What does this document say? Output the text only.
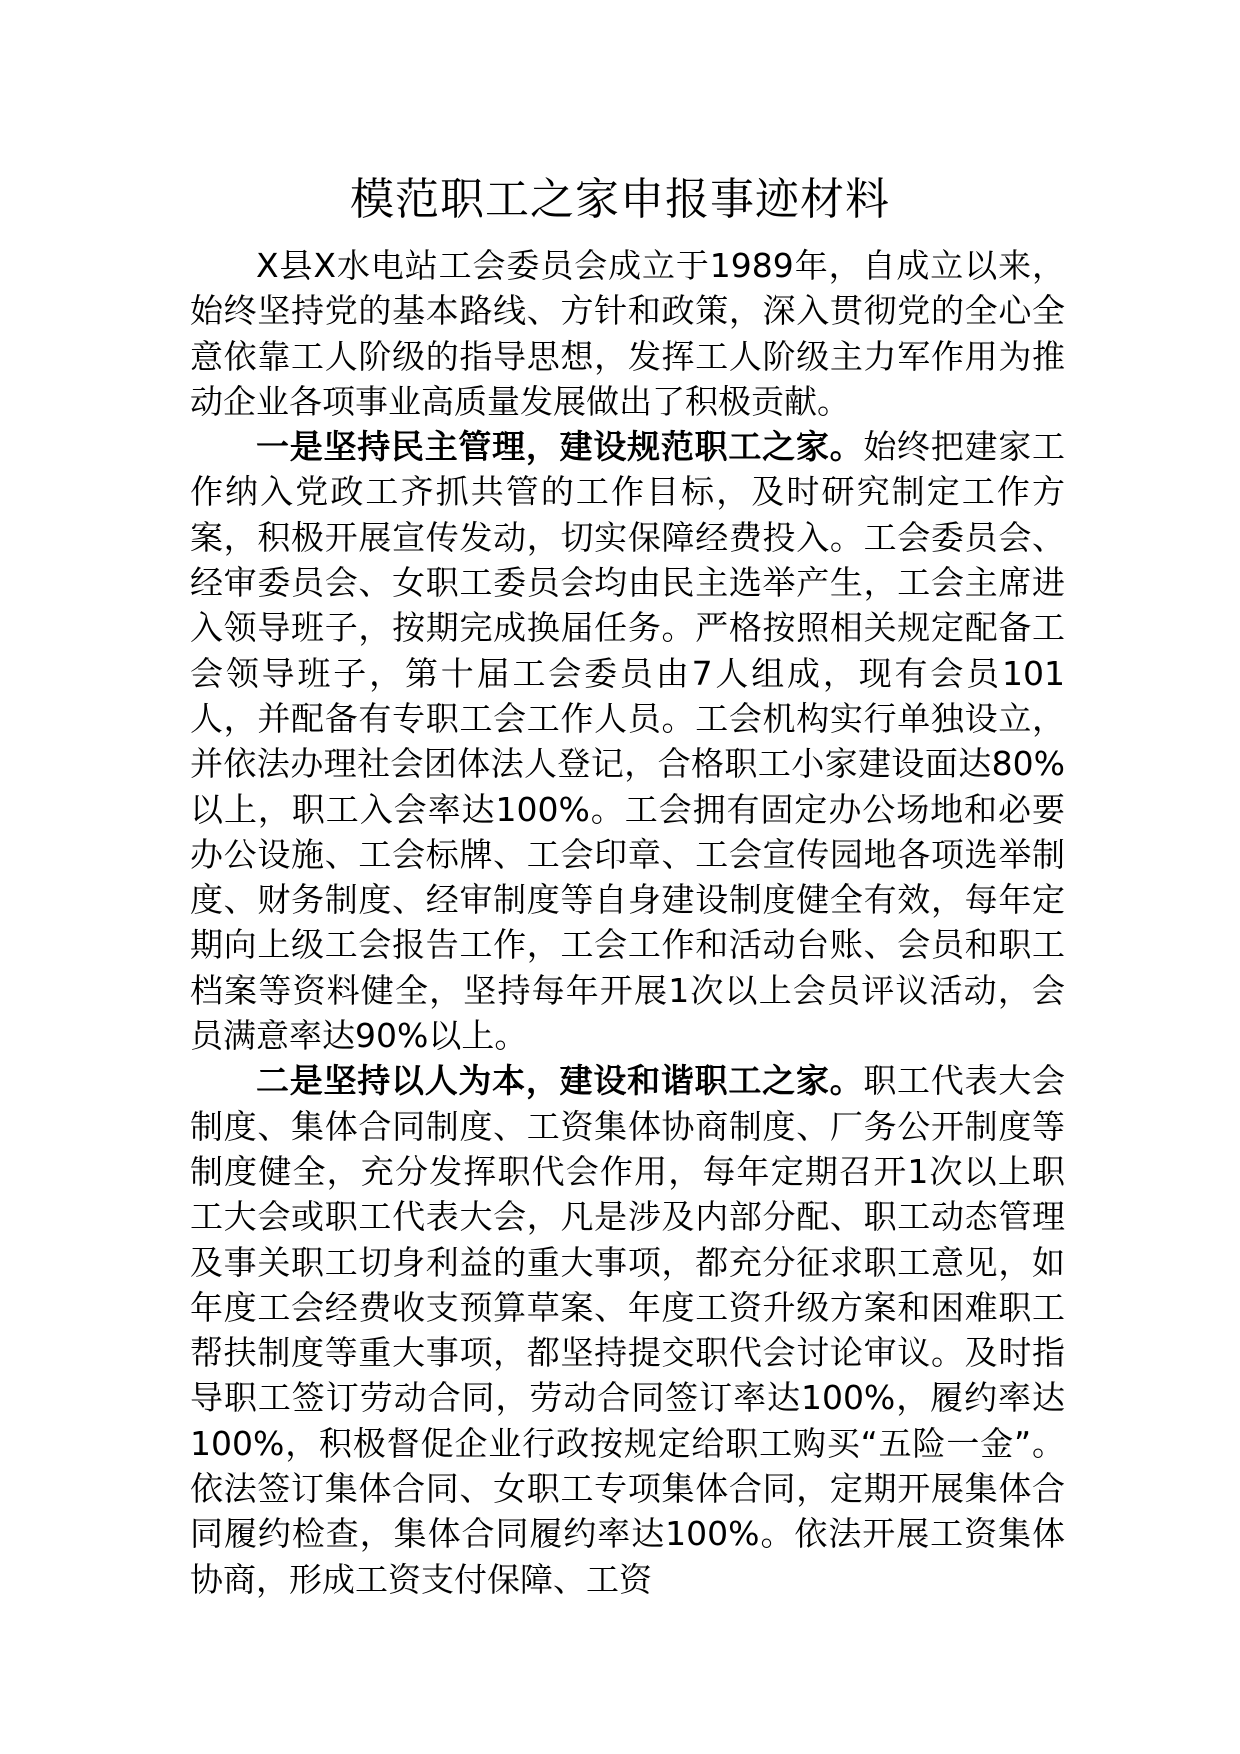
模范职工之家申报事迹材料

X县X水电站工会委员会成立于1989年，自成立以来，始终坚持党的基本路线、方针和政策，深入贯彻党的全心全意依靠工人阶级的指导思想，发挥工人阶级主力军作用为推动企业各项事业高质量发展做出了积极贡献。

一是坚持民主管理，建设规范职工之家。始终把建家工作纳入党政工齐抓共管的工作目标，及时研究制定工作方案，积极开展宣传发动，切实保障经费投入。工会委员会、经审委员会、女职工委员会均由民主选举产生，工会主席进入领导班子，按期完成换届任务。严格按照相关规定配备工会领导班子，第十届工会委员由7人组成，现有会员101人，并配备有专职工会工作人员。工会机构实行单独设立，并依法办理社会团体法人登记，合格职工小家建设面达80%以上，职工入会率达100%。工会拥有固定办公场地和必要办公设施、工会标牌、工会印章、工会宣传园地各项选举制度、财务制度、经审制度等自身建设制度健全有效，每年定期向上级工会报告工作，工会工作和活动台账、会员和职工档案等资料健全，坚持每年开展1次以上会员评议活动，会员满意率达90%以上。

二是坚持以人为本，建设和谐职工之家。职工代表大会制度、集体合同制度、工资集体协商制度、厂务公开制度等制度健全，充分发挥职代会作用，每年定期召开1次以上职工大会或职工代表大会，凡是涉及内部分配、职工动态管理及事关职工切身利益的重大事项，都充分征求职工意见，如年度工会经费收支预算草案、年度工资升级方案和困难职工帮扶制度等重大事项，都坚持提交职代会讨论审议。及时指导职工签订劳动合同，劳动合同签订率达100%，履约率达100%，积极督促企业行政按规定给职工购买“五险一金”。依法签订集体合同、女职工专项集体合同，定期开展集体合同履约检查，集体合同履约率达100%。依法开展工资集体协商，形成工资支付保障、工资
